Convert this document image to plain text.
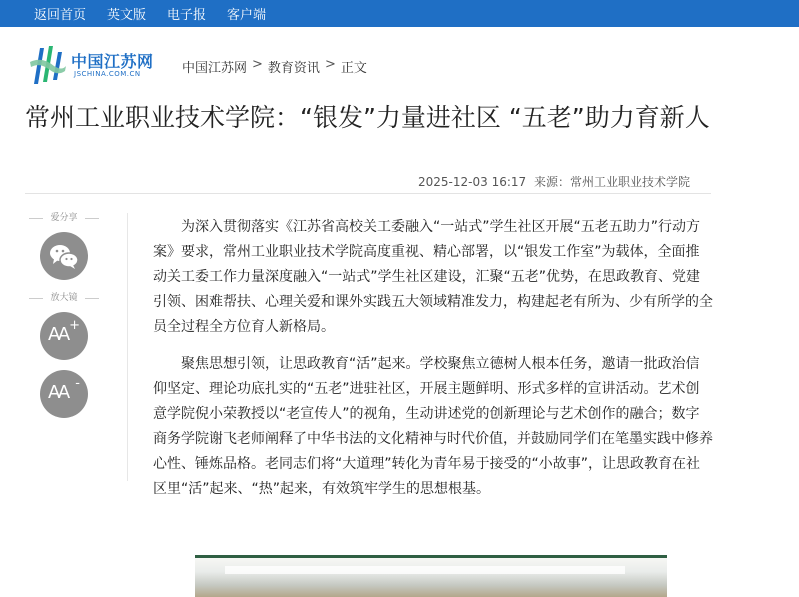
返回首页 英文版 电子报 客户端
中国江苏网
JSCHINA.COM.CN	中国江苏网 > 教育资讯 > 正文
常州工业职业技术学院：“银发”力量进社区 “五老”助力育新人
2025-12-03 16:17 来源：常州工业职业技术学院
爱分享
放大镜
AA +
AA -

为深入贯彻落实《江苏省高校关工委融入“一站式”学生社区开展“五老五助力”行动方案》要求，常州工业职业技术学院高度重视、精心部署，以“银发工作室”为载体，全面推动关工委工作力量深度融入“一站式”学生社区建设，汇聚“五老”优势，在思政教育、党建引领、困难帮扶、心理关爱和课外实践五大领域精准发力，构建起老有所为、少有所学的全员全过程全方位育人新格局。

聚焦思想引领，让思政教育“活”起来。学校聚焦立德树人根本任务，邀请一批政治信仰坚定、理论功底扎实的“五老”进驻社区，开展主题鲜明、形式多样的宣讲活动。艺术创意学院倪小荣教授以“老宣传人”的视角，生动讲述党的创新理论与艺术创作的融合；数字商务学院谢飞老师阐释了中华书法的文化精神与时代价值，并鼓励同学们在笔墨实践中修养心性、锤炼品格。老同志们将“大道理”转化为青年易于接受的“小故事”，让思政教育在社区里“活”起来、“热”起来，有效筑牢学生的思想根基。
